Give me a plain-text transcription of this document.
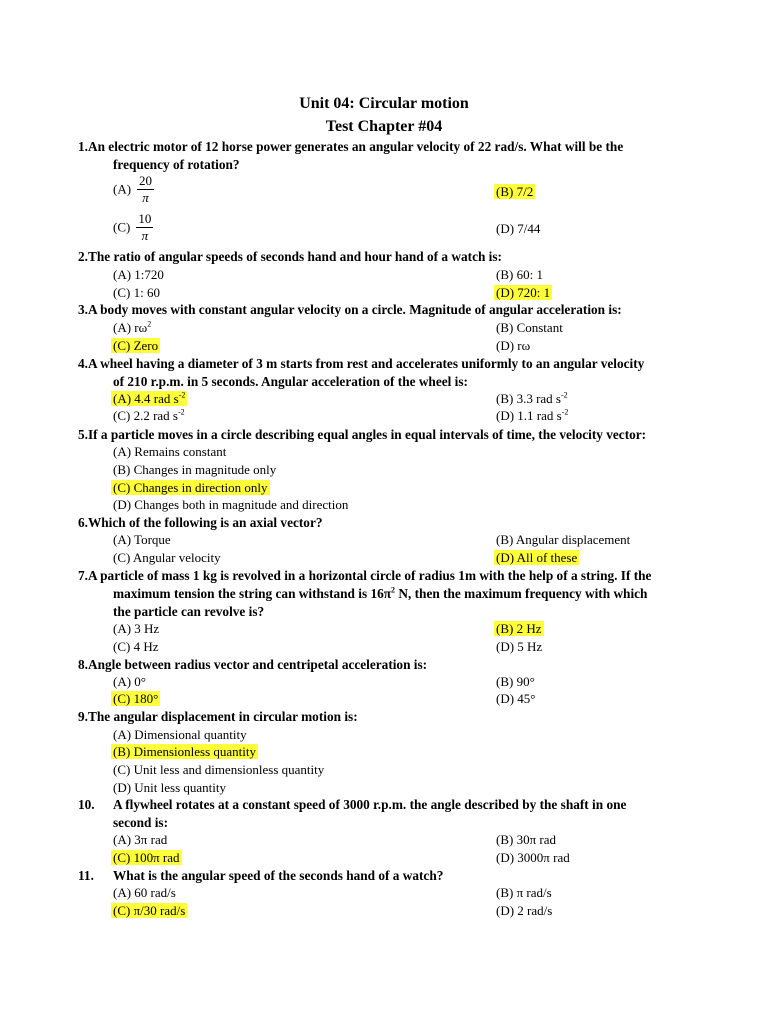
Unit 04: Circular motion
Test Chapter #04
1.An electric motor of 12 horse power generates an angular velocity of 22 rad/s. What will be the
frequency of rotation?
$(A) \frac{20}{\pi}$	(B) 7/2
$(C) \frac{10}{\pi}$	(D) 7/44
2.The ratio of angular speeds of seconds hand and hour hand of a watch is:
(A) 1:720	(B) 60: 1
(C) 1: 60	(D) 720: 1
3.A body moves with constant angular velocity on a circle. Magnitude of angular acceleration is:
(A) $r\omega^2$	(B) Constant
(C) Zero	(D) rω
4.A wheel having a diameter of 3 m starts from rest and accelerates uniformly to an angular velocity
of 210 r.p.m. in 5 seconds. Angular acceleration of the wheel is:
(A) 4.4 rad $s^{-2}$	(B) 3.3 rad $s^{-2}$
(C) 2.2 rad $s^{-2}$	(D) 1.1 rad $s^{-2}$
5.If a particle moves in a circle describing equal angles in equal intervals of time, the velocity vector:
(A) Remains constant
(B) Changes in magnitude only
(C) Changes in direction only
(D) Changes both in magnitude and direction
6.Which of the following is an axial vector?
(A) Torque	(B) Angular displacement
(C) Angular velocity	(D) All of these
7.A particle of mass 1 kg is revolved in a horizontal circle of radius 1m with the help of a string. If the
maximum tension the string can withstand is $16\pi^2$ N, then the maximum frequency with which
the particle can revolve is?
(A) 3 Hz	(B) 2 Hz
(C) 4 Hz	(D) 5 Hz
8.Angle between radius vector and centripetal acceleration is:
(A) 0°	(B) 90°
(C) 180°	(D) 45°
9.The angular displacement in circular motion is:
(A) Dimensional quantity
(B) Dimensionless quantity
(C) Unit less and dimensionless quantity
(D) Unit less quantity
10. A flywheel rotates at a constant speed of 3000 r.p.m. the angle described by the shaft in one
second is:
(A) 3π rad	(B) 30π rad
(C) 100π rad	(D) 3000π rad
11. What is the angular speed of the seconds hand of a watch?
(A) 60 rad/s	(B) π rad/s
(C) π/30 rad/s	(D) 2 rad/s
